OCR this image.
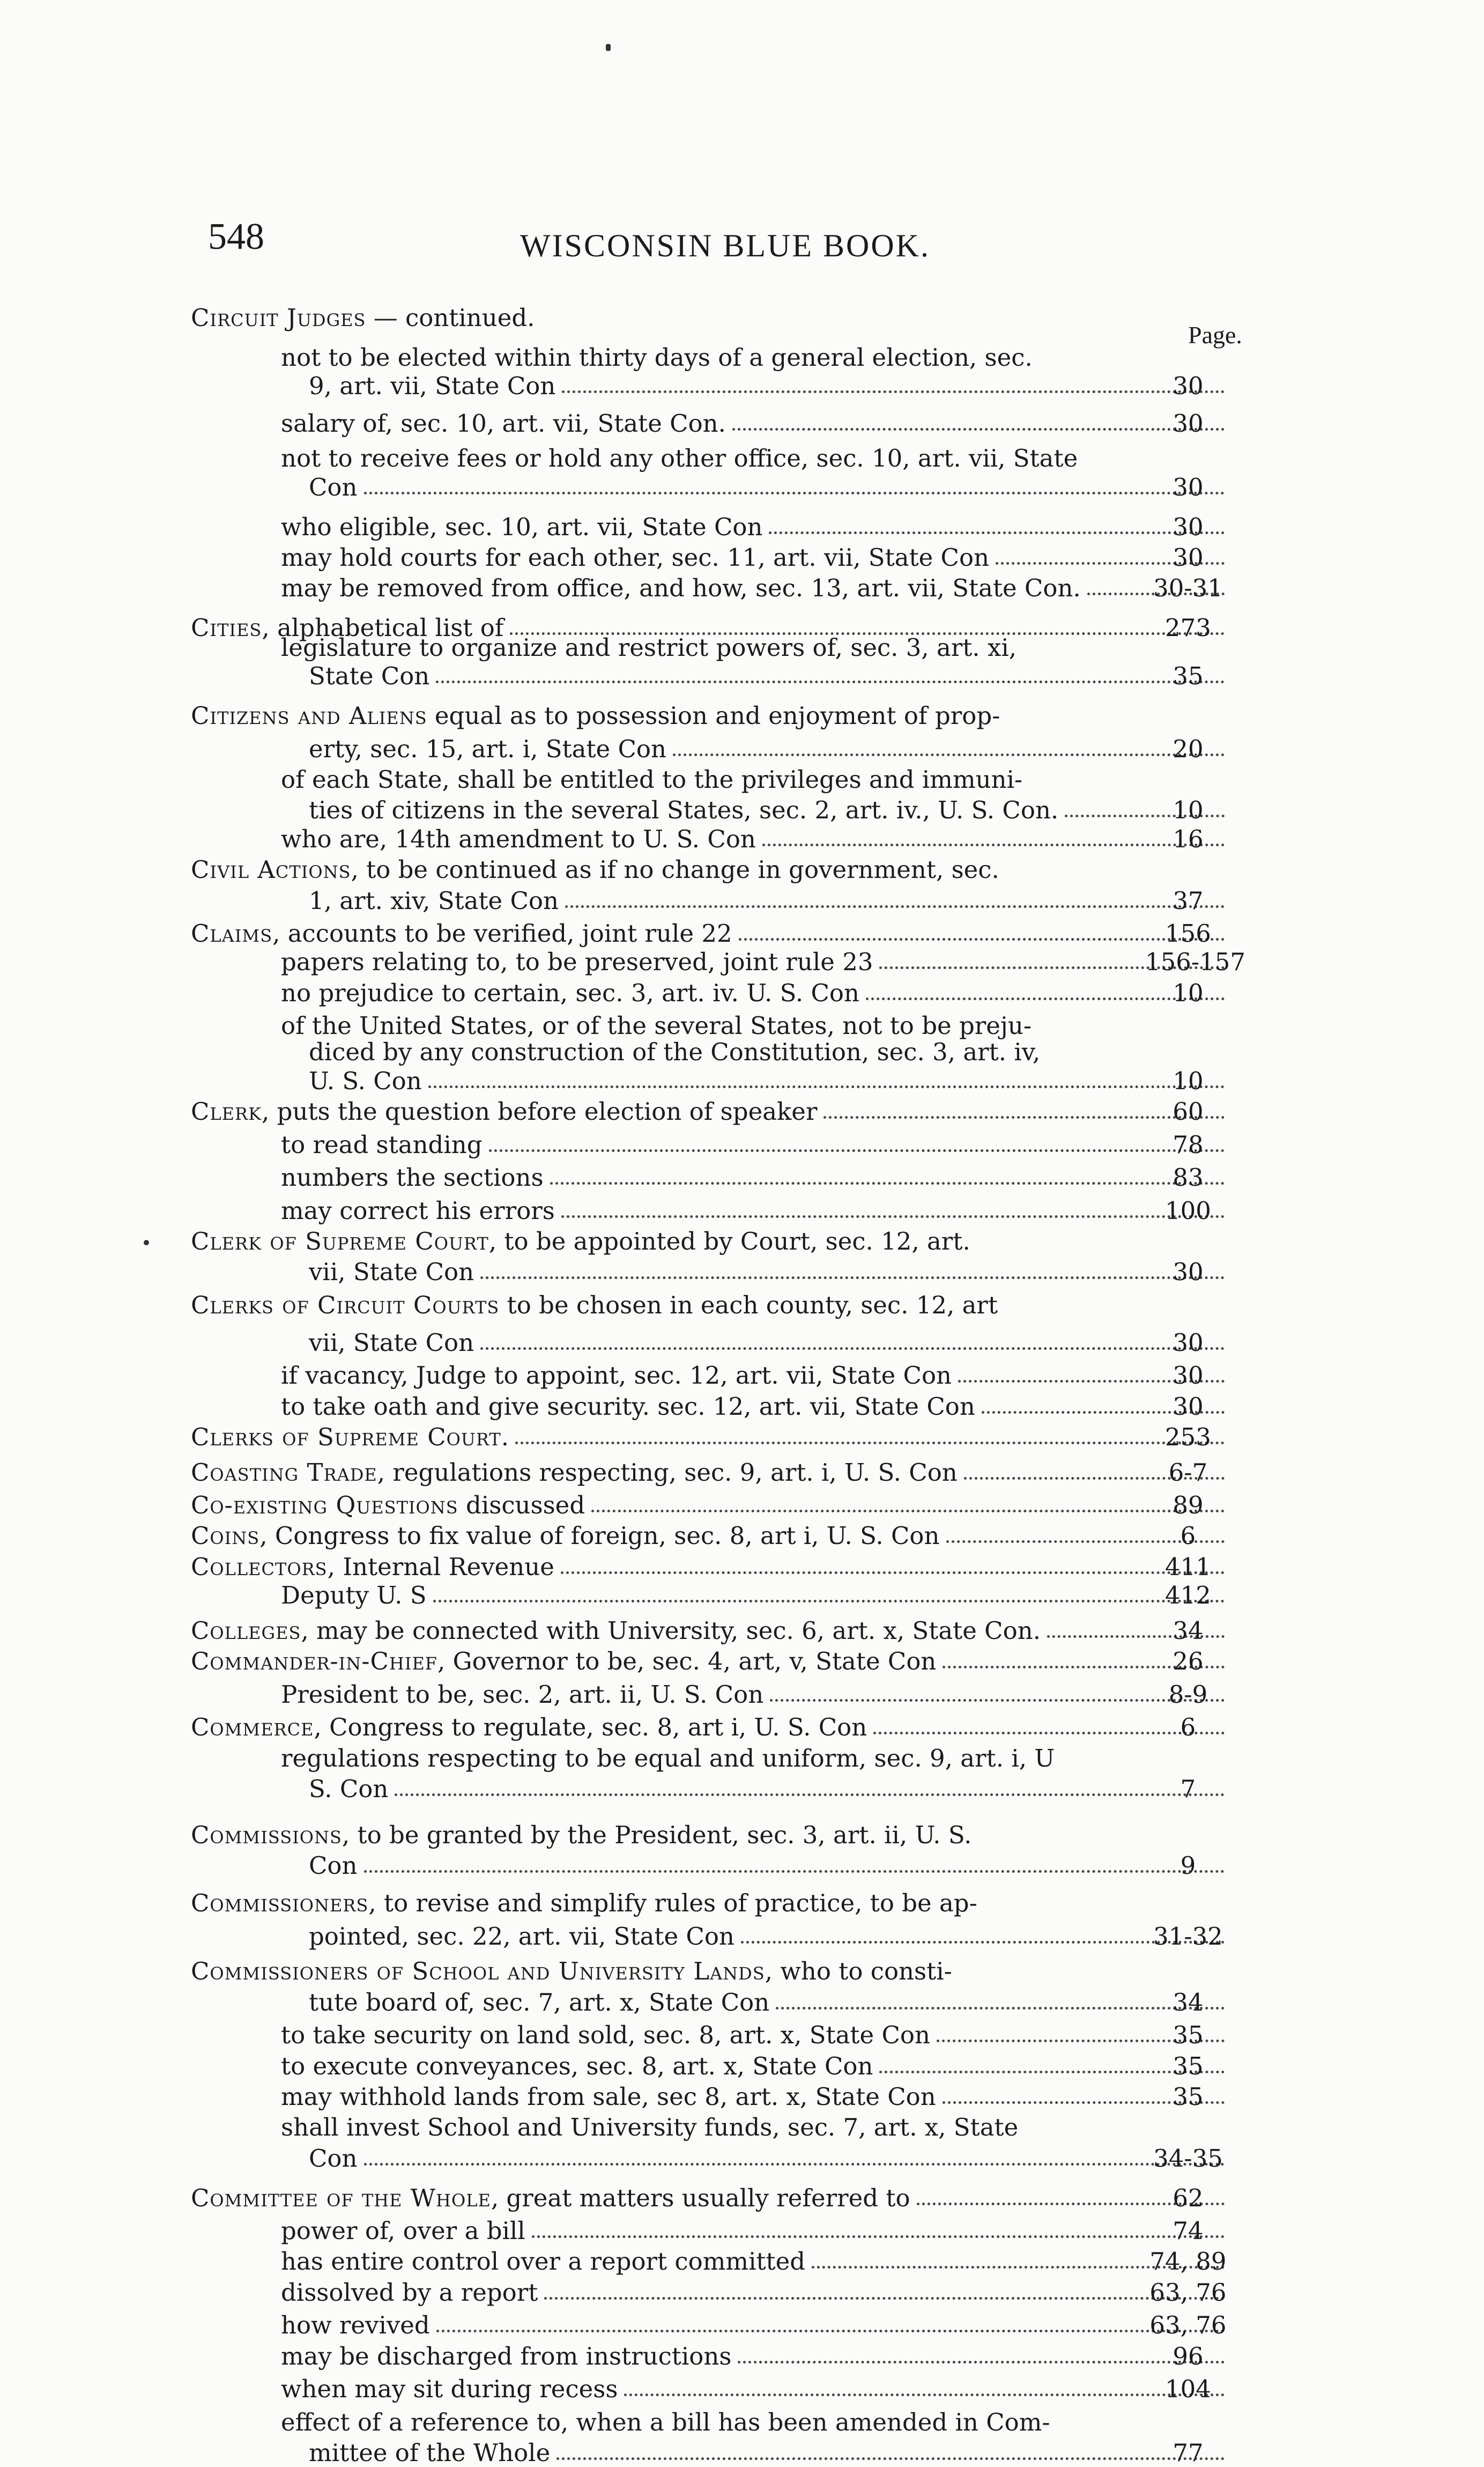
548	WISCONSIN BLUE BOOK.
Page.
Circuit Judges — continued.
not to be elected within thirty days of a general election, sec.
9, art. vii, State Con	30
salary of, sec. 10, art. vii, State Con.	30
not to receive fees or hold any other office, sec. 10, art. vii, State
Con	30
who eligible, sec. 10, art. vii, State Con	30
may hold courts for each other, sec. 11, art. vii, State Con	30
may be removed from office, and how, sec. 13, art. vii, State Con.	30-31
Cities, alphabetical list of	273
legislature to organize and restrict powers of, sec. 3, art. xi,
State Con	35
Citizens and Aliens equal as to possession and enjoyment of prop-
erty, sec. 15, art. i, State Con	20
of each State, shall be entitled to the privileges and immuni-
ties of citizens in the several States, sec. 2, art. iv., U. S. Con.	10
who are, 14th amendment to U. S. Con	16
Civil Actions, to be continued as if no change in government, sec.
1, art. xiv, State Con	37
Claims, accounts to be verified, joint rule 22	156
papers relating to, to be preserved, joint rule 23	156-157
no prejudice to certain, sec. 3, art. iv. U. S. Con	10
of the United States, or of the several States, not to be preju-
diced by any construction of the Constitution, sec. 3, art. iv,
U. S. Con	10
Clerk, puts the question before election of speaker	60
to read standing	78
numbers the sections	83
may correct his errors	100
Clerk of Supreme Court, to be appointed by Court, sec. 12, art.
vii, State Con	30
Clerks of Circuit Courts to be chosen in each county, sec. 12, art
vii, State Con	30
if vacancy, Judge to appoint, sec. 12, art. vii, State Con	30
to take oath and give security. sec. 12, art. vii, State Con	30
Clerks of Supreme Court.	253
Coasting Trade, regulations respecting, sec. 9, art. i, U. S. Con	6-7
Co-existing Questions discussed	89
Coins, Congress to fix value of foreign, sec. 8, art i, U. S. Con	6
Collectors, Internal Revenue	411
Deputy U. S	412
Colleges, may be connected with University, sec. 6, art. x, State Con.	34
Commander-in-Chief, Governor to be, sec. 4, art, v, State Con	26
President to be, sec. 2, art. ii, U. S. Con	8-9
Commerce, Congress to regulate, sec. 8, art i, U. S. Con	6
regulations respecting to be equal and uniform, sec. 9, art. i, U
S. Con	7
Commissions, to be granted by the President, sec. 3, art. ii, U. S.
Con	9
Commissioners, to revise and simplify rules of practice, to be ap-
pointed, sec. 22, art. vii, State Con	31-32
Commissioners of School and University Lands, who to consti-
tute board of, sec. 7, art. x, State Con	34
to take security on land sold, sec. 8, art. x, State Con	35
to execute conveyances, sec. 8, art. x, State Con	35
may withhold lands from sale, sec 8, art. x, State Con	35
shall invest School and University funds, sec. 7, art. x, State
Con	34-35
Committee of the Whole, great matters usually referred to	62
power of, over a bill	74
has entire control over a report committed	74, 89
dissolved by a report	63, 76
how revived	63, 76
may be discharged from instructions	96
when may sit during recess	104
effect of a reference to, when a bill has been amended in Com-
mittee of the Whole	77
